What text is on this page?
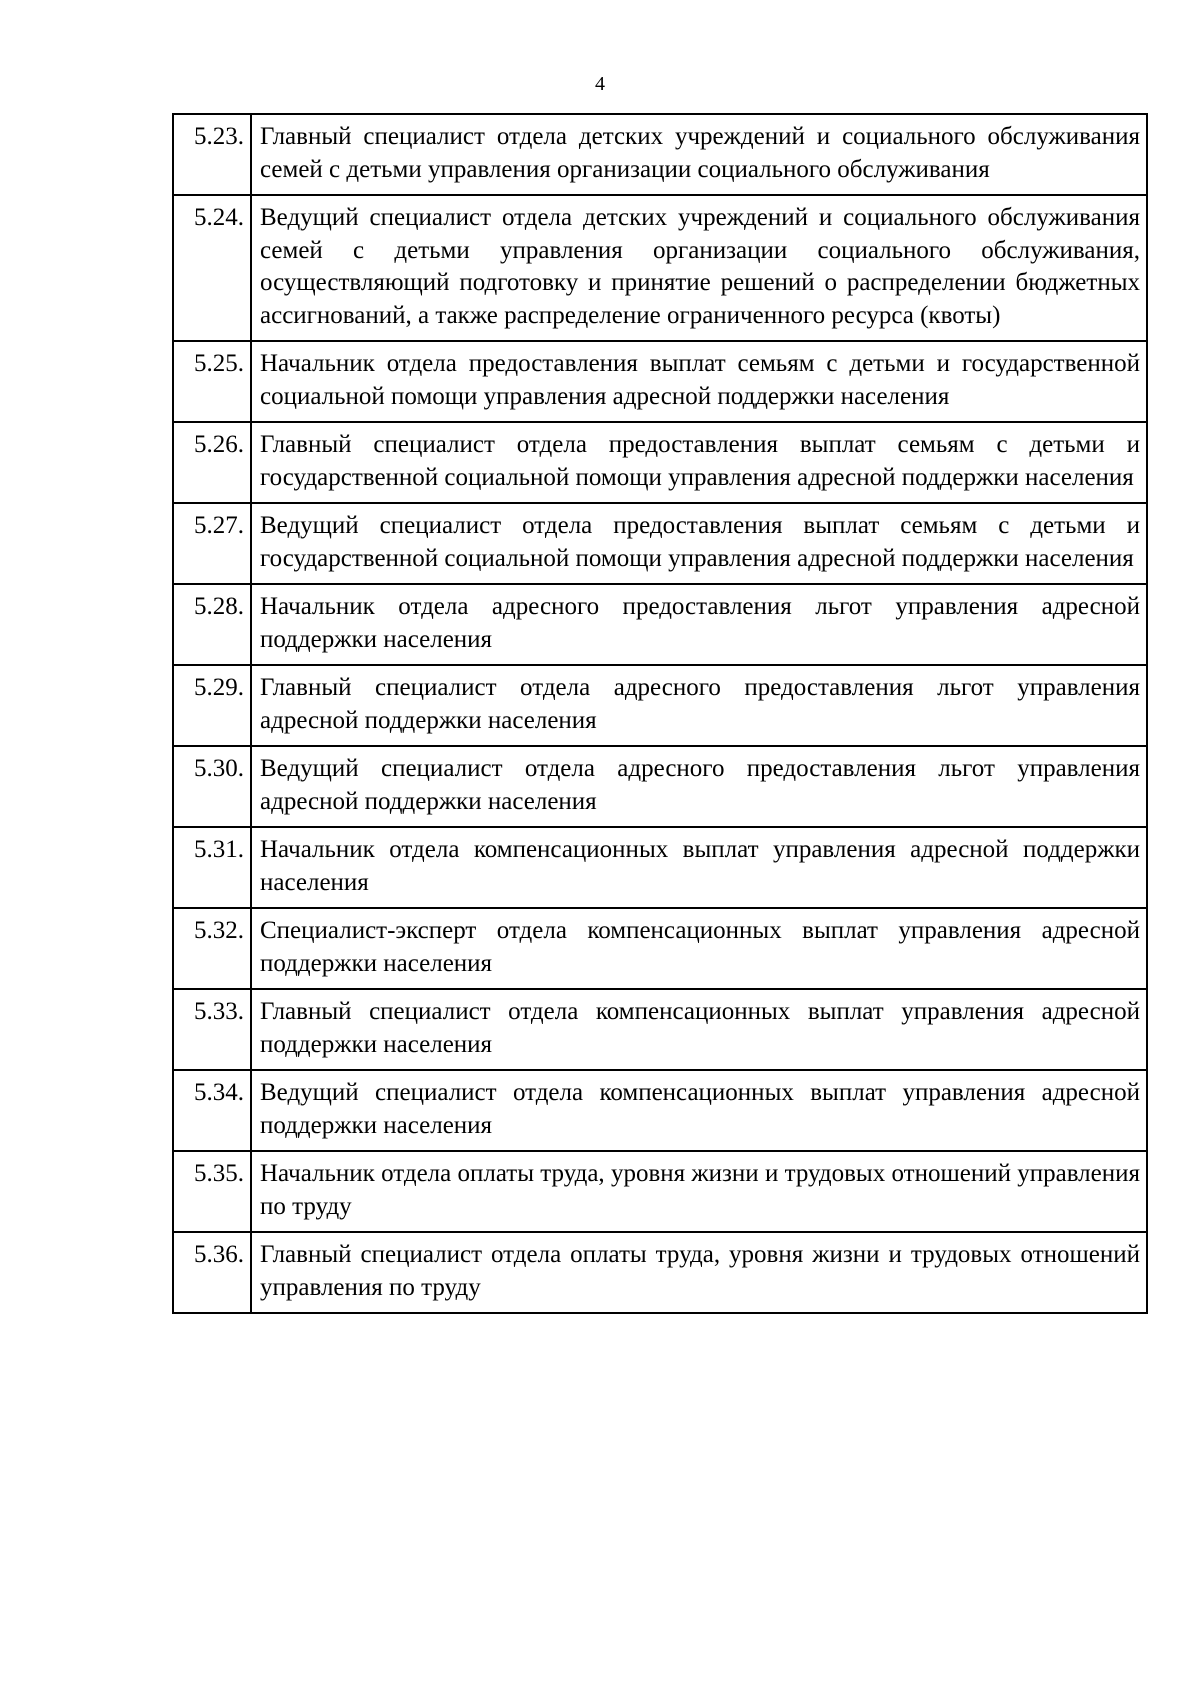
4
5.23.	Главный специалист отдела детских учреждений и социального обслуживания семей с детьми управления организации социального обслуживания
5.24.	Ведущий специалист отдела детских учреждений и социального обслуживания семей с детьми управления организации социального обслуживания, осуществляющий подготовку и принятие решений о распределении бюджетных ассигнований, а также распределение ограниченного ресурса (квоты)
5.25.	Начальник отдела предоставления выплат семьям с детьми и государственной социальной помощи управления адресной поддержки населения
5.26.	Главный специалист отдела предоставления выплат семьям с детьми и государственной социальной помощи управления адресной поддержки населения
5.27.	Ведущий специалист отдела предоставления выплат семьям с детьми и государственной социальной помощи управления адресной поддержки населения
5.28.	Начальник отдела адресного предоставления льгот управления адресной поддержки населения
5.29.	Главный специалист отдела адресного предоставления льгот управления адресной поддержки населения
5.30.	Ведущий специалист отдела адресного предоставления льгот управления адресной поддержки населения
5.31.	Начальник отдела компенсационных выплат управления адресной поддержки населения
5.32.	Специалист-эксперт отдела компенсационных выплат управления адресной поддержки населения
5.33.	Главный специалист отдела компенсационных выплат управления адресной поддержки населения
5.34.	Ведущий специалист отдела компенсационных выплат управления адресной поддержки населения
5.35.	Начальник отдела оплаты труда, уровня жизни и трудовых отношений управления по труду
5.36.	Главный специалист отдела оплаты труда, уровня жизни и трудовых отношений управления по труду
